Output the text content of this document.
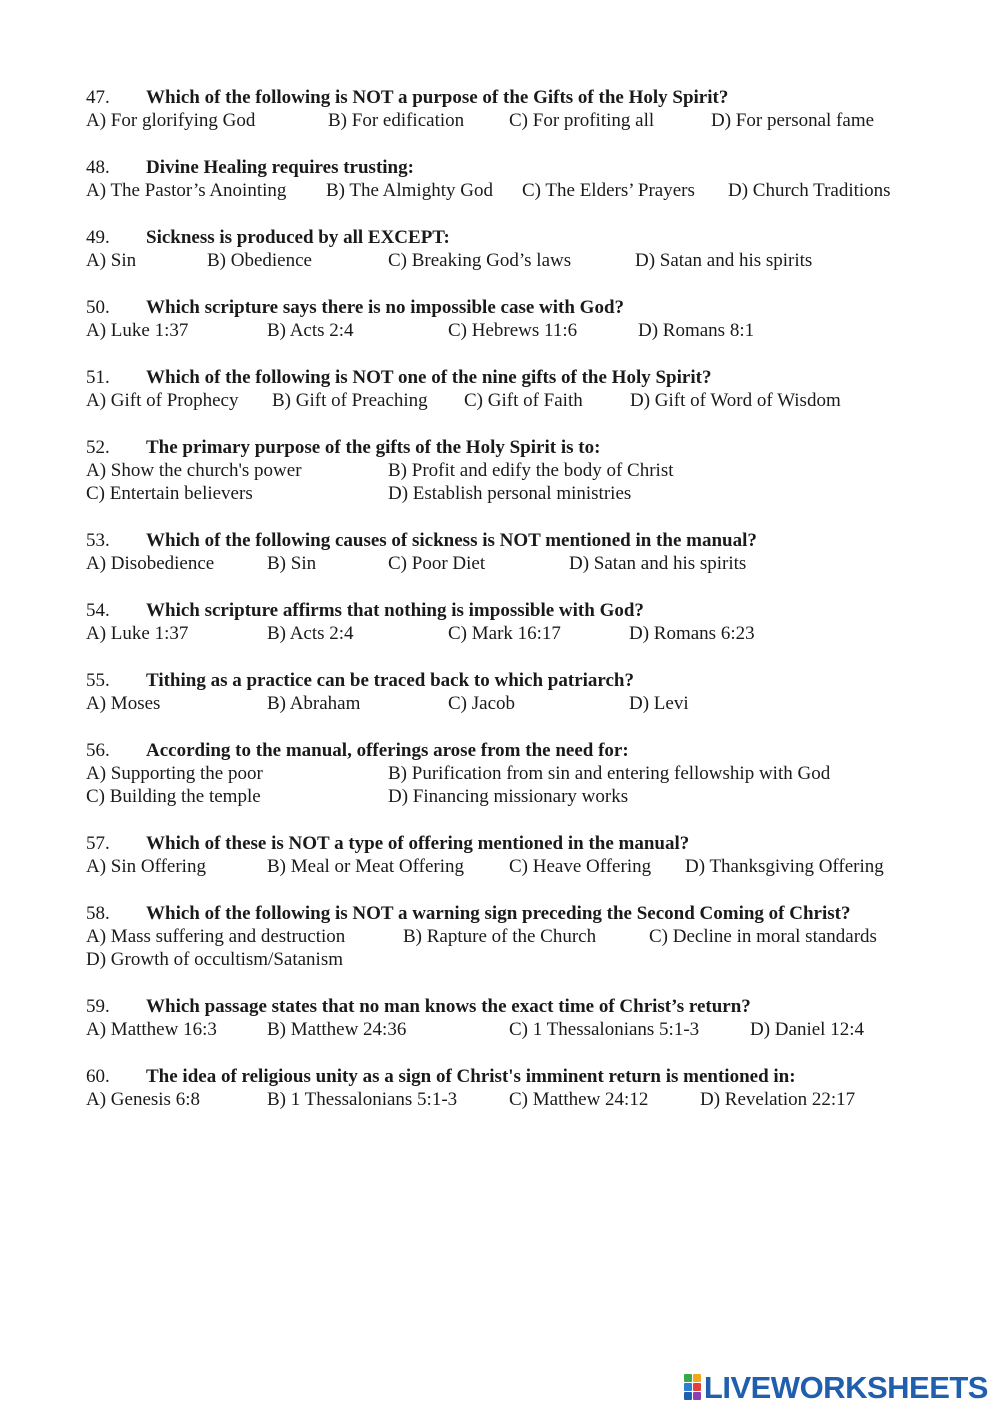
47.	Which of the following is NOT a purpose of the Gifts of the Holy Spirit?
A) For glorifying God	B) For edification	C) For profiting all	D) For personal fame
48.	Divine Healing requires trusting:
A) The Pastor’s Anointing	B) The Almighty God	C) The Elders’ Prayers	D) Church Traditions
49.	Sickness is produced by all EXCEPT:
A) Sin	B) Obedience	C) Breaking God’s laws	D) Satan and his spirits
50.	Which scripture says there is no impossible case with God?
A) Luke 1:37	B) Acts 2:4	C) Hebrews 11:6	D) Romans 8:1
51.	Which of the following is NOT one of the nine gifts of the Holy Spirit?
A) Gift of Prophecy	B) Gift of Preaching	C) Gift of Faith	D) Gift of Word of Wisdom
52.	The primary purpose of the gifts of the Holy Spirit is to:
A) Show the church's power	B) Profit and edify the body of Christ
C) Entertain believers	D) Establish personal ministries
53.	Which of the following causes of sickness is NOT mentioned in the manual?
A) Disobedience	B) Sin	C) Poor Diet	D) Satan and his spirits
54.	Which scripture affirms that nothing is impossible with God?
A) Luke 1:37	B) Acts 2:4	C) Mark 16:17	D) Romans 6:23
55.	Tithing as a practice can be traced back to which patriarch?
A) Moses	B) Abraham	C) Jacob	D) Levi
56.	According to the manual, offerings arose from the need for:
A) Supporting the poor	B) Purification from sin and entering fellowship with God
C) Building the temple	D) Financing missionary works
57.	Which of these is NOT a type of offering mentioned in the manual?
A) Sin Offering	B) Meal or Meat Offering	C) Heave Offering	D) Thanksgiving Offering
58.	Which of the following is NOT a warning sign preceding the Second Coming of Christ?
A) Mass suffering and destruction	B) Rapture of the Church	C) Decline in moral standards
D) Growth of occultism/Satanism
59.	Which passage states that no man knows the exact time of Christ’s return?
A) Matthew 16:3	B) Matthew 24:36	C) 1 Thessalonians 5:1-3	D) Daniel 12:4
60.	The idea of religious unity as a sign of Christ's imminent return is mentioned in:
A) Genesis 6:8	B) 1 Thessalonians 5:1-3	C) Matthew 24:12	D) Revelation 22:17
LIVEWORKSHEETS
